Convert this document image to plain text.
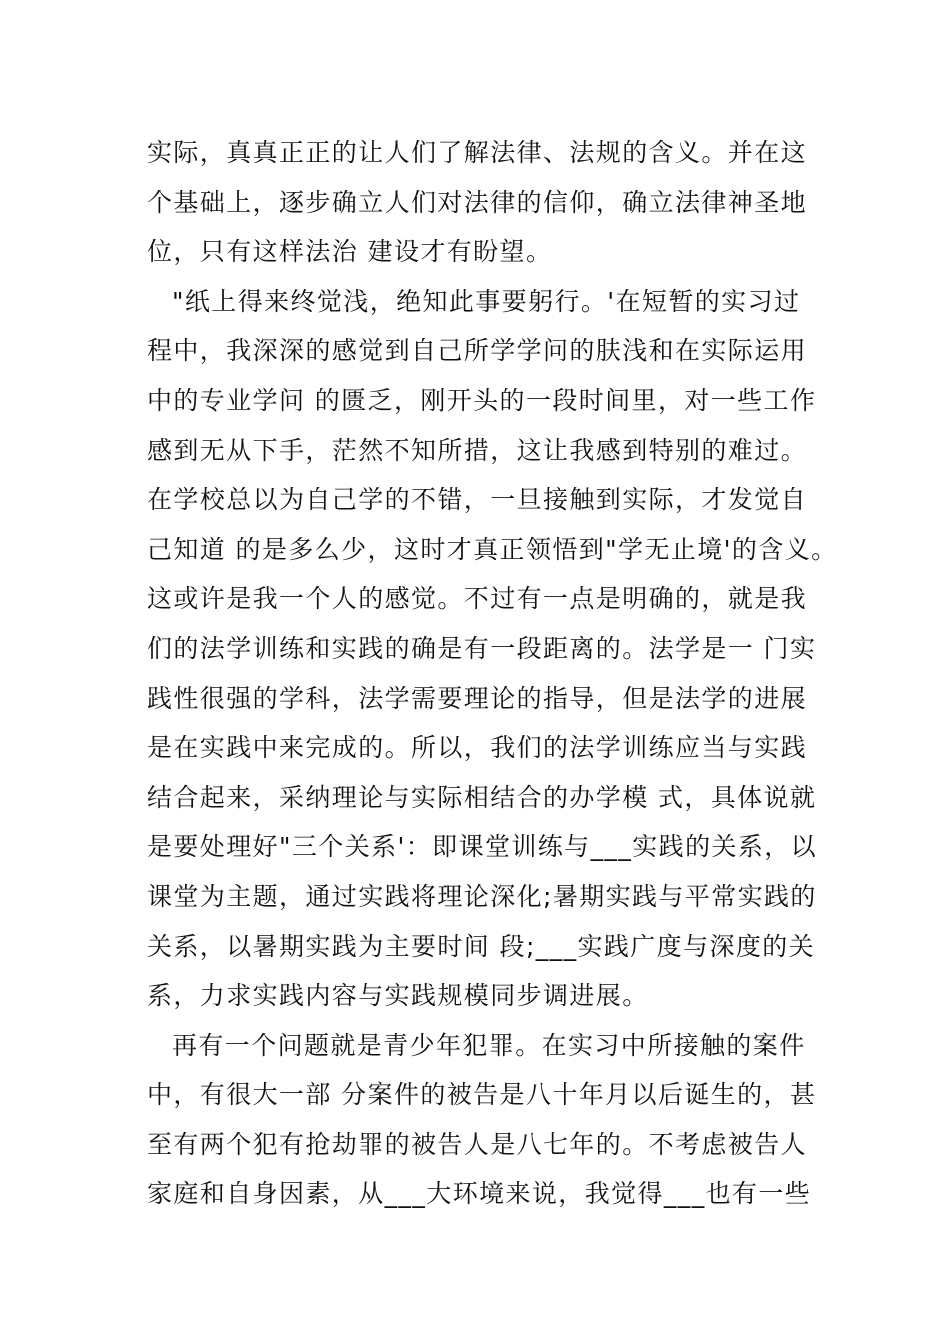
实际，真真正正的让人们了解法律、法规的含义。并在这
个基础上，逐步确立人们对法律的信仰，确立法律神圣地
位，只有这样法治 建设才有盼望。
"纸上得来终觉浅，绝知此事要躬行。'在短暂的实习过
程中，我深深的感觉到自己所学学问的肤浅和在实际运用
中的专业学问 的匮乏，刚开头的一段时间里，对一些工作
感到无从下手，茫然不知所措，这让我感到特别的难过。
在学校总以为自己学的不错，一旦接触到实际，才发觉自
己知道 的是多么少，这时才真正领悟到"学无止境'的含义。
这或许是我一个人的感觉。不过有一点是明确的，就是我
们的法学训练和实践的确是有一段距离的。法学是一 门实
践性很强的学科，法学需要理论的指导，但是法学的进展
是在实践中来完成的。所以，我们的法学训练应当与实践
结合起来，采纳理论与实际相结合的办学模 式，具体说就
是要处理好"三个关系'：即课堂训练与___实践的关系，以
课堂为主题，通过实践将理论深化;暑期实践与平常实践的
关系，以暑期实践为主要时间 段;___实践广度与深度的关
系，力求实践内容与实践规模同步调进展。
再有一个问题就是青少年犯罪。在实习中所接触的案件
中，有很大一部 分案件的被告是八十年月以后诞生的，甚
至有两个犯有抢劫罪的被告人是八七年的。不考虑被告人
家庭和自身因素，从___大环境来说，我觉得___也有一些
